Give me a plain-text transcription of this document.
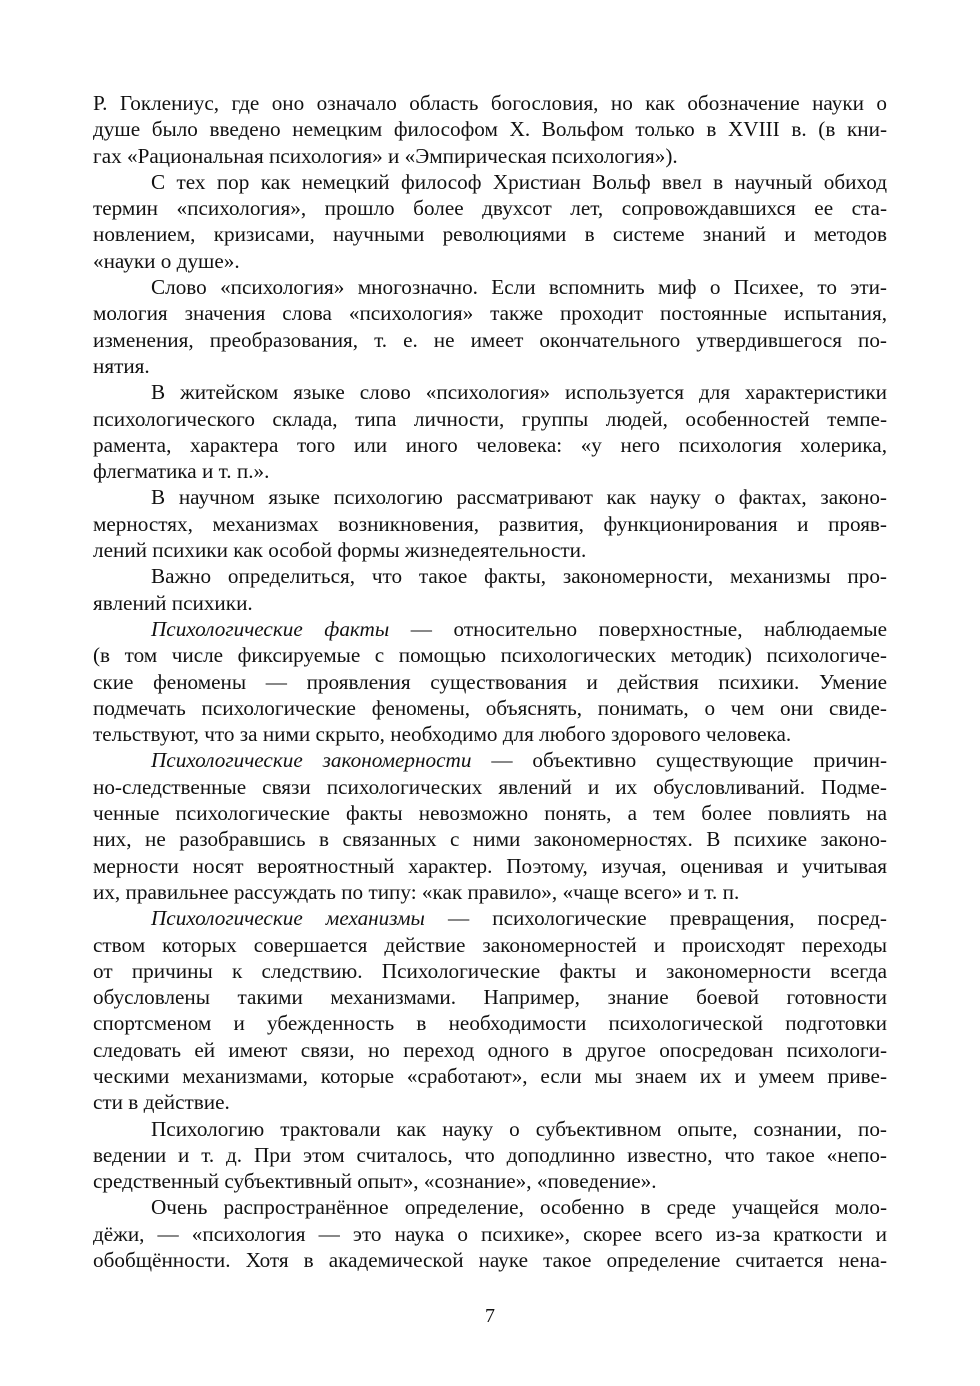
Р. Гоклениус, где оно означало область богословия, но как обозначение науки о
душе было введено немецким философом Х. Вольфом только в XVIII в. (в кни-
гах «Рациональная психология» и «Эмпирическая психология»).
С тех пор как немецкий философ Христиан Вольф ввел в научный обиход
термин «психология», прошло более двухсот лет, сопровождавшихся ее ста-
новлением, кризисами, научными революциями в системе знаний и методов
«науки о душе».
Слово «психология» многозначно. Если вспомнить миф о Психее, то эти-
мология значения слова «психология» также проходит постоянные испытания,
изменения, преобразования, т. е. не имеет окончательного утвердившегося по-
нятия.
В житейском языке слово «психология» используется для характеристики
психологического склада, типа личности, группы людей, особенностей темпе-
рамента, характера того или иного человека: «у него психология холерика,
флегматика и т. п.».
В научном языке психологию рассматривают как науку о фактах, законо-
мерностях, механизмах возникновения, развития, функционирования и прояв-
лений психики как особой формы жизнедеятельности.
Важно определиться, что такое факты, закономерности, механизмы про-
явлений психики.
Психологические факты — относительно поверхностные, наблюдаемые
(в том числе фиксируемые с помощью психологических методик) психологиче-
ские феномены — проявления существования и действия психики. Умение
подмечать психологические феномены, объяснять, понимать, о чем они свиде-
тельствуют, что за ними скрыто, необходимо для любого здорового человека.
Психологические закономерности — объективно существующие причин-
но-следственные связи психологических явлений и их обусловливаний. Подме-
ченные психологические факты невозможно понять, а тем более повлиять на
них, не разобравшись в связанных с ними закономерностях. В психике законо-
мерности носят вероятностный характер. Поэтому, изучая, оценивая и учитывая
их, правильнее рассуждать по типу: «как правило», «чаще всего» и т. п.
Психологические механизмы — психологические превращения, посред-
ством которых совершается действие закономерностей и происходят переходы
от причины к следствию. Психологические факты и закономерности всегда
обусловлены такими механизмами. Например, знание боевой готовности
спортсменом и убежденность в необходимости психологической подготовки
следовать ей имеют связи, но переход одного в другое опосредован психологи-
ческими механизмами, которые «сработают», если мы знаем их и умеем приве-
сти в действие.
Психологию трактовали как науку о субъективном опыте, сознании, по-
ведении и т. д. При этом считалось, что доподлинно известно, что такое «непо-
средственный субъективный опыт», «сознание», «поведение».
Очень распространённое определение, особенно в среде учащейся моло-
дёжи, — «психология — это наука о психике», скорее всего из-за краткости и
обобщённости. Хотя в академической науке такое определение считается нена-
7
